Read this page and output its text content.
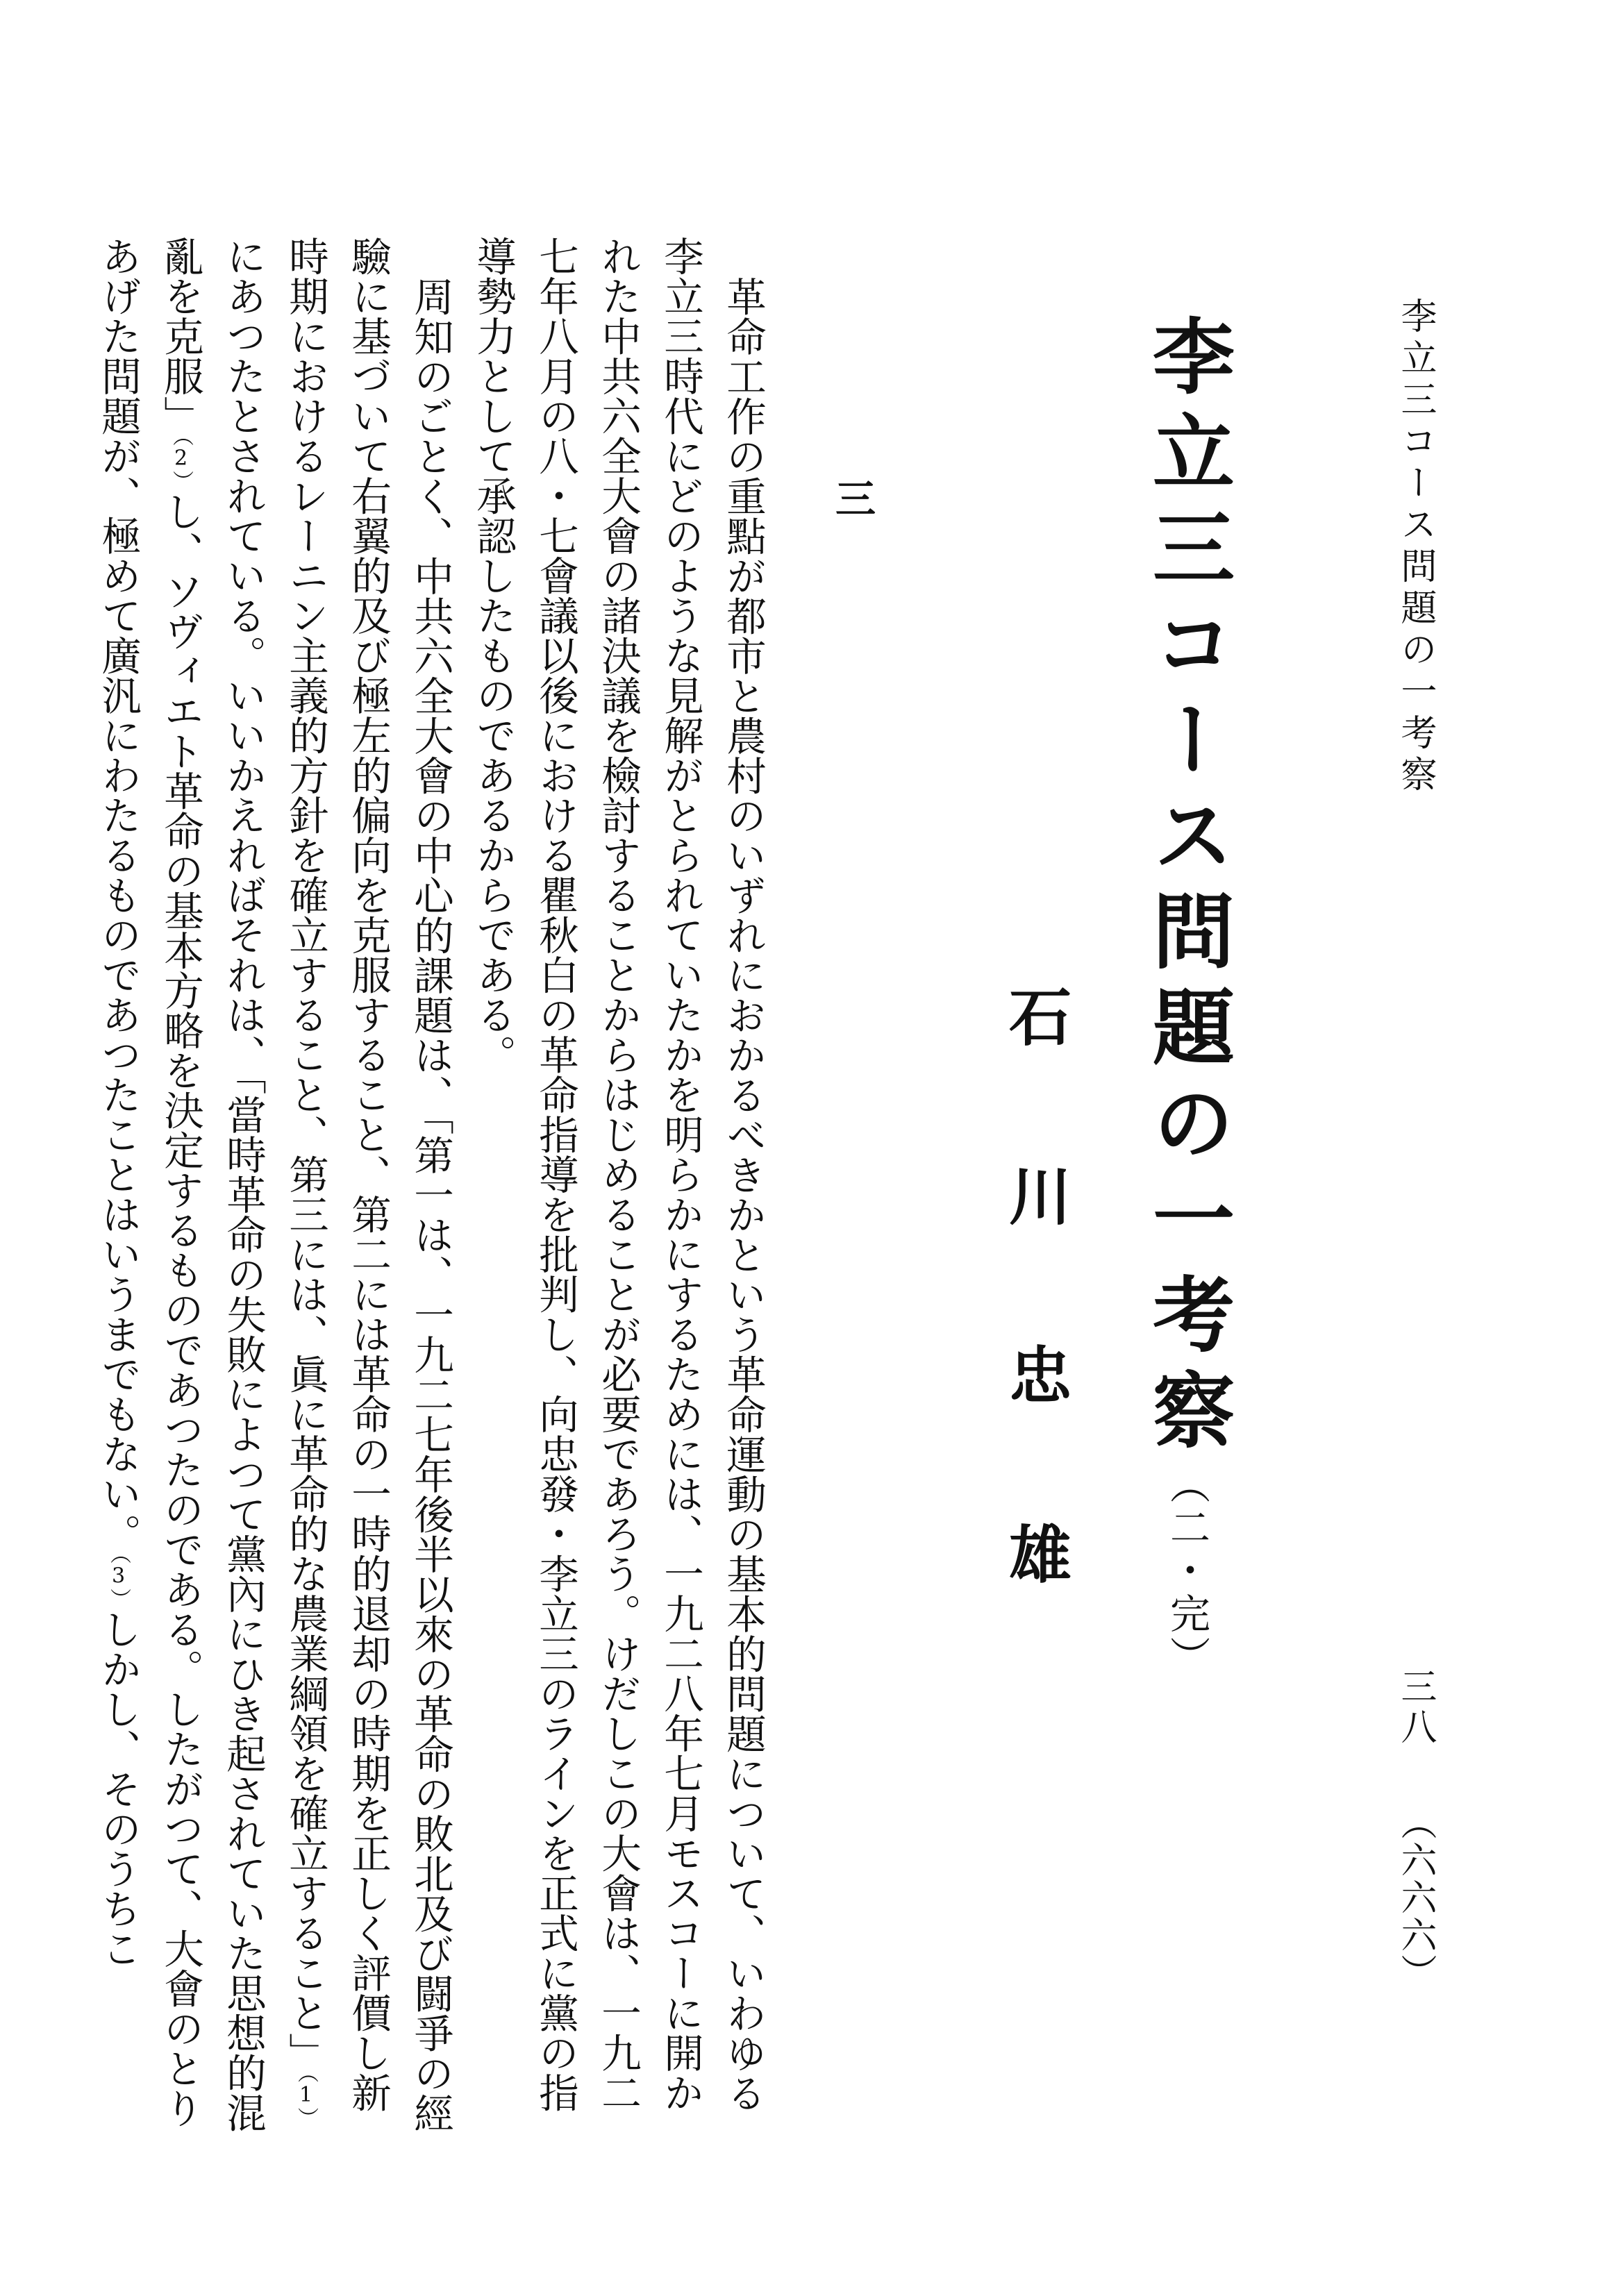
李立三コース問題の一考察
三八
（六六六）
李立三コース問題の一考察（二・完）
石川忠雄
三

革命工作の重點が都市と農村のいずれにおかるべきかという革命運動の基本的問題について、いわゆる李立三時代にどのような見解がとられていたかを明らかにするためには、一九二八年七月モスコーに開かれた中共六全大會の諸決議を檢討することからはじめることが必要であろう。けだしこの大會は、一九二七年八月の八・七會議以後における瞿秋白の革命指導を批判し、向忠發・李立三のラインを正式に黨の指導勢力として承認したものであるからである。

周知のごとく、中共六全大會の中心的課題は、「第一は、一九二七年後半以來の革命の敗北及び闘爭の經驗に基づいて右翼的及び極左的偏向を克服すること、第二には革命の一時的退却の時期を正しく評價し新時期におけるレーニン主義的方針を確立すること、第三には、眞に革命的な農業綱領を確立すること」（1）にあつたとされている。いいかえればそれは、「當時革命の失敗によつて黨內にひき起されていた思想的混亂を克服」（2）し、ソヴィエト革命の基本方略を決定するものであつたのである。したがつて、大會のとりあげた問題が、極めて廣汎にわたるものであつたことはいうまでもない。（3）しかし、そのうちこ
